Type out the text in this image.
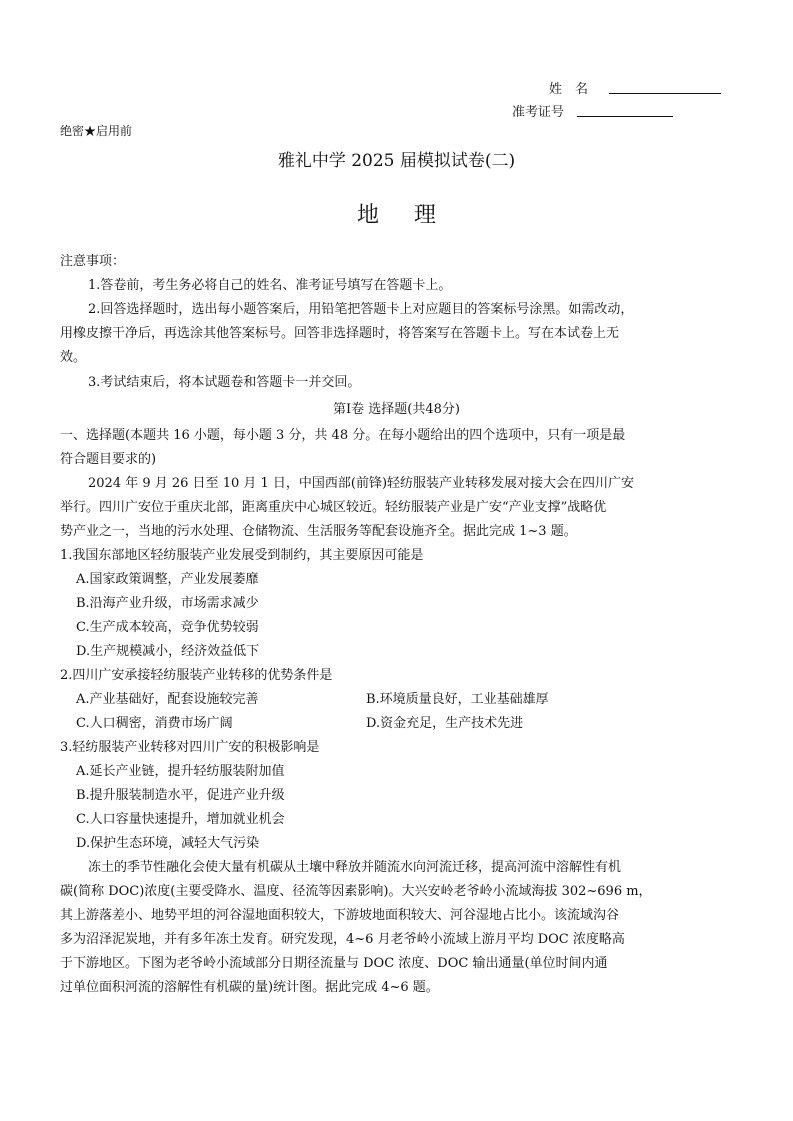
姓　名
准考证号
绝密★启用前
雅礼中学 2025 届模拟试卷(二)
地 理
注意事项：
1.答卷前，考生务必将自己的姓名、准考证号填写在答题卡上。
2.回答选择题时，选出每小题答案后，用铅笔把答题卡上对应题目的答案标号涂黑。如需改动，
用橡皮擦干净后，再选涂其他答案标号。回答非选择题时，将答案写在答题卡上。写在本试卷上无
效。
3.考试结束后，将本试题卷和答题卡一并交回。
第Ⅰ卷 选择题(共48分)
一、选择题(本题共 16 小题，每小题 3 分，共 48 分。在每小题给出的四个选项中，只有一项是最
符合题目要求的)
2024 年 9 月 26 日至 10 月 1 日，中国西部(前锋)轻纺服装产业转移发展对接大会在四川广安
举行。四川广安位于重庆北部，距离重庆中心城区较近。轻纺服装产业是广安“产业支撑”战略优
势产业之一，当地的污水处理、仓储物流、生活服务等配套设施齐全。据此完成 1~3 题。
1.我国东部地区轻纺服装产业发展受到制约，其主要原因可能是
A.国家政策调整，产业发展萎靡
B.沿海产业升级，市场需求减少
C.生产成本较高，竞争优势较弱
D.生产规模减小，经济效益低下
2.四川广安承接轻纺服装产业转移的优势条件是
A.产业基础好，配套设施较完善	B.环境质量良好，工业基础雄厚
C.人口稠密，消费市场广阔	D.资金充足，生产技术先进
3.轻纺服装产业转移对四川广安的积极影响是
A.延长产业链，提升轻纺服装附加值
B.提升服装制造水平，促进产业升级
C.人口容量快速提升，增加就业机会
D.保护生态环境，减轻大气污染
冻土的季节性融化会使大量有机碳从土壤中释放并随流水向河流迁移，提高河流中溶解性有机
碳(简称 DOC)浓度(主要受降水、温度、径流等因素影响)。大兴安岭老爷岭小流域海拔 302~696 m，
其上游落差小、地势平坦的河谷湿地面积较大，下游坡地面积较大、河谷湿地占比小。该流域沟谷
多为沼泽泥炭地，并有多年冻土发育。研究发现，4~6 月老爷岭小流域上游月平均 DOC 浓度略高
于下游地区。下图为老爷岭小流域部分日期径流量与 DOC 浓度、DOC 输出通量(单位时间内通
过单位面积河流的溶解性有机碳的量)统计图。据此完成 4~6 题。
